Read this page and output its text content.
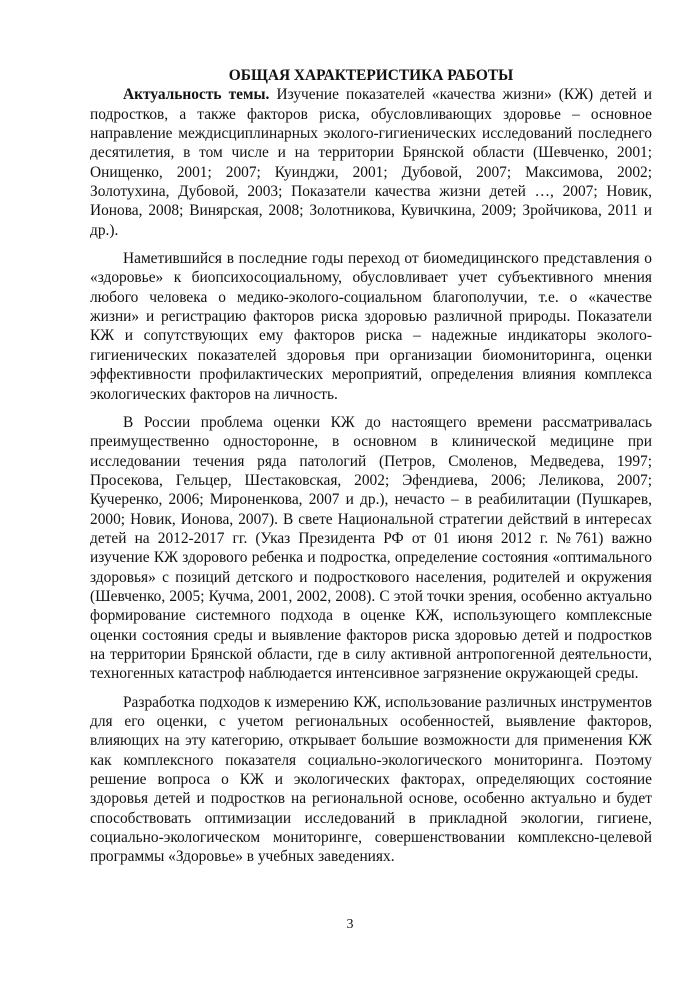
ОБЩАЯ ХАРАКТЕРИСТИКА РАБОТЫ

Актуальность темы. Изучение показателей «качества жизни» (КЖ) детей и подростков, а также факторов риска, обусловливающих здоровье – основное направление междисциплинарных эколого-гигиенических исследований последнего десятилетия, в том числе и на территории Брянской области (Шевченко, 2001; Онищенко, 2001; 2007; Куинджи, 2001; Дубовой, 2007; Максимова, 2002; Золотухина, Дубовой, 2003; Показатели качества жизни детей …, 2007; Новик, Ионова, 2008; Винярская, 2008; Золотникова, Кувичкина, 2009; Зройчикова, 2011 и др.).

Наметившийся в последние годы переход от биомедицинского представления о «здоровье» к биопсихосоциальному, обусловливает учет субъективного мнения любого человека о медико-эколого-социальном благополучии, т.е. о «качестве жизни» и регистрацию факторов риска здоровью различной природы. Показатели КЖ и сопутствующих ему факторов риска – надежные индикаторы эколого-гигиенических показателей здоровья при организации биомониторинга, оценки эффективности профилактических мероприятий, определения влияния комплекса экологических факторов на личность.

В России проблема оценки КЖ до настоящего времени рассматривалась преимущественно односторонне, в основном в клинической медицине при исследовании течения ряда патологий (Петров, Смоленов, Медведева, 1997; Просекова, Гельцер, Шестаковская, 2002; Эфендиева, 2006; Леликова, 2007; Кучеренко, 2006; Мироненкова, 2007 и др.), нечасто – в реабилитации (Пушкарев, 2000; Новик, Ионова, 2007). В свете Национальной стратегии действий в интересах детей на 2012-2017 гг. (Указ Президента РФ от 01 июня 2012 г. №761) важно изучение КЖ здорового ребенка и подростка, определение состояния «оптимального здоровья» с позиций детского и подросткового населения, родителей и окружения (Шевченко, 2005; Кучма, 2001, 2002, 2008). С этой точки зрения, особенно актуально формирование системного подхода в оценке КЖ, использующего комплексные оценки состояния среды и выявление факторов риска здоровью детей и подростков на территории Брянской области, где в силу активной антропогенной деятельности, техногенных катастроф наблюдается интенсивное загрязнение окружающей среды.

Разработка подходов к измерению КЖ, использование различных инструментов для его оценки, с учетом региональных особенностей, выявление факторов, влияющих на эту категорию, открывает большие возможности для применения КЖ как комплексного показателя социально-экологического мониторинга. Поэтому решение вопроса о КЖ и экологических факторах, определяющих состояние здоровья детей и подростков на региональной основе, особенно актуально и будет способствовать оптимизации исследований в прикладной экологии, гигиене, социально-экологическом мониторинге, совершенствовании комплексно-целевой программы «Здоровье» в учебных заведениях.

3
